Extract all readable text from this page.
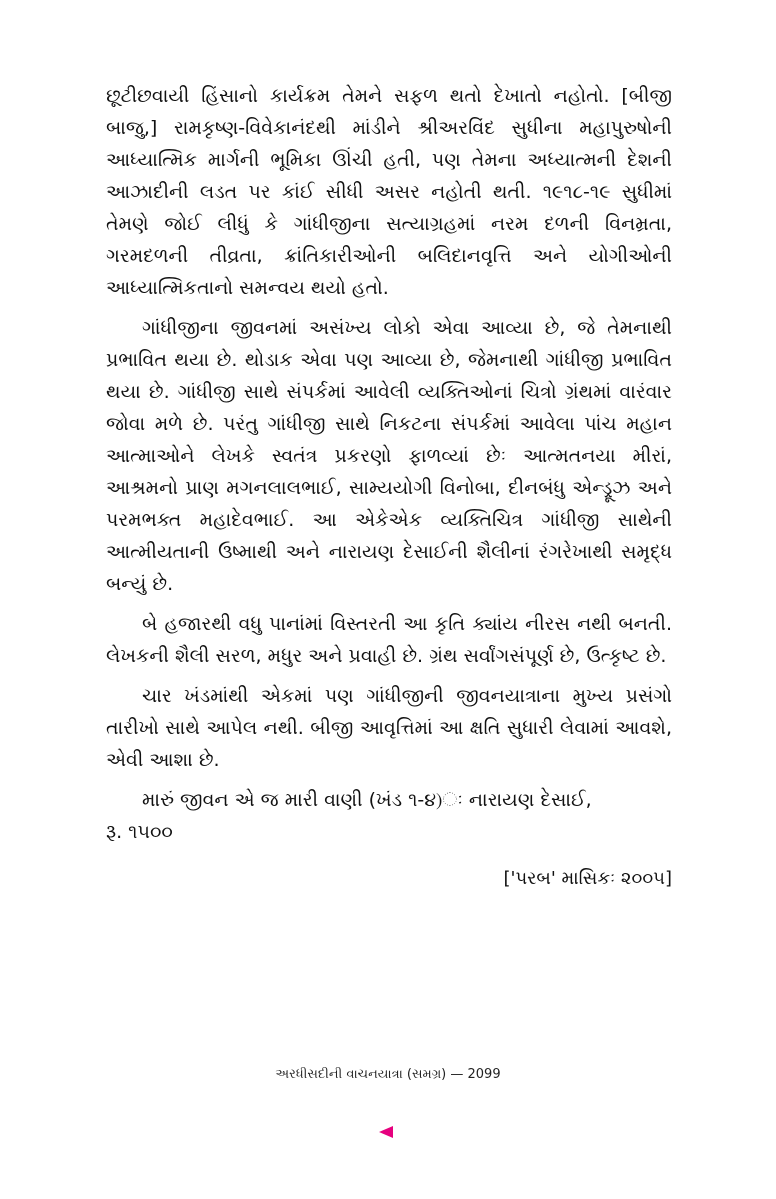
છૂટીછવાયી હિંસાનો કાર્યક્રમ તેમને સફળ થતો દેખાતો નહોતો. [બીજી બાજુ,] રામકૃષ્ણ-વિવેકાનંદથી માંડીને શ્રીઅરવિંદ સુધીના મહાપુરુષોની આધ્યાત્મિક માર્ગની ભૂમિકા ઊંચી હતી, પણ તેમના અધ્યાત્મની દેશની આઝાદીની લડત પર કાંઈ સીધી અસર નહોતી થતી. ૧૯૧૮-૧૯ સુધીમાં તેમણે જોઈ લીધું કે ગાંધીજીના સત્યાગ્રહમાં નરમ દળની વિનમ્રતા, ગરમદળની તીવ્રતા, ક્રાંતિકારીઓની બલિદાનવૃત્તિ અને યોગીઓની આધ્યાત્મિકતાનો સમન્વય થયો હતો.

ગાંધીજીના જીવનમાં અસંખ્ય લોકો એવા આવ્યા છે, જે તેમનાથી પ્રભાવિત થયા છે. થોડાક એવા પણ આવ્યા છે, જેમનાથી ગાંધીજી પ્રભાવિત થયા છે. ગાંધીજી સાથે સંપર્કમાં આવેલી વ્યક્તિઓનાં ચિત્રો ગ્રંથમાં વારંવાર જોવા મળે છે. પરંતુ ગાંધીજી સાથે નિકટના સંપર્કમાં આવેલા પાંચ મહાન આત્માઓને લેખકે સ્વતંત્ર પ્રકરણો ફાળવ્યાં છેઃ આત્મતનયા મીરાં, આશ્રમનો પ્રાણ મગનલાલભાઈ, સામ્યયોગી વિનોબા, દીનબંધુ એન્ડ્રૂઝ અને પરમભક્ત મહાદેવભાઈ. આ એકેએક વ્યક્તિચિત્ર ગાંધીજી સાથેની આત્મીયતાની ઉષ્માથી અને નારાયણ દેસાઈની શૈલીનાં રંગરેખાથી સમૃદ્ધ બન્યું છે.

બે હજારથી વધુ પાનાંમાં વિસ્તરતી આ કૃતિ ક્યાંય નીરસ નથી બનતી. લેખકની શૈલી સરળ, મધુર અને પ્રવાહી છે. ગ્રંથ સર્વાંગસંપૂર્ણ છે, ઉત્કૃષ્ટ છે.

ચાર ખંડમાંથી એકમાં પણ ગાંધીજીની જીવનયાત્રાના મુખ્ય પ્રસંગો તારીખો સાથે આપેલ નથી. બીજી આવૃત્તિમાં આ ક્ષતિ સુધારી લેવામાં આવશે, એવી આશા છે.

મારું જીવન એ જ મારી વાણી (ખંડ ૧-૪)ઃ નારાયણ દેસાઈ,

રૂ. ૧૫૦૦

['પરબ' માસિકઃ ૨૦૦૫]
અરધીસદીની વાચનયાત્રા (સમગ્ર) — 2099
